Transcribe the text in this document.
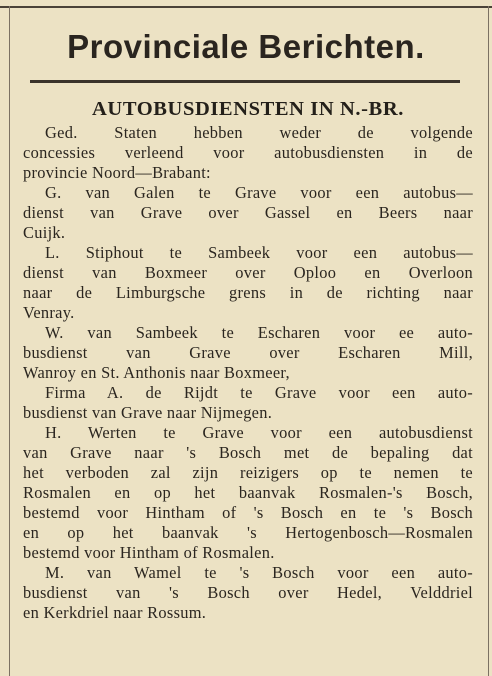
Provinciale Berichten.
AUTOBUSDIENSTEN IN N.-BR.

Ged. Staten hebben weder de volgende
concessies verleend voor autobusdiensten in de
provincie Noord—Brabant:

G. van Galen te Grave voor een autobus—
dienst van Grave over Gassel en Beers naar
Cuijk.

L. Stiphout te Sambeek voor een autobus—
dienst van Boxmeer over Oploo en Overloon
naar de Limburgsche grens in de richting naar
Venray.

W. van Sambeek te Escharen voor ee auto-
busdienst van Grave over Escharen Mill,
Wanroy en St. Anthonis naar Boxmeer,

Firma A. de Rijdt te Grave voor een auto-
busdienst van Grave naar Nijmegen.

H. Werten te Grave voor een autobusdienst
van Grave naar 's Bosch met de bepaling dat
het verboden zal zijn reizigers op te nemen te
Rosmalen en op het baanvak Rosmalen-'s Bosch,
bestemd voor Hintham of 's Bosch en te 's Bosch
en op het baanvak 's Hertogenbosch—Rosmalen
bestemd voor Hintham of Rosmalen.

M. van Wamel te 's Bosch voor een auto-
busdienst van 's Bosch over Hedel, Velddriel
en Kerkdriel naar Rossum.
